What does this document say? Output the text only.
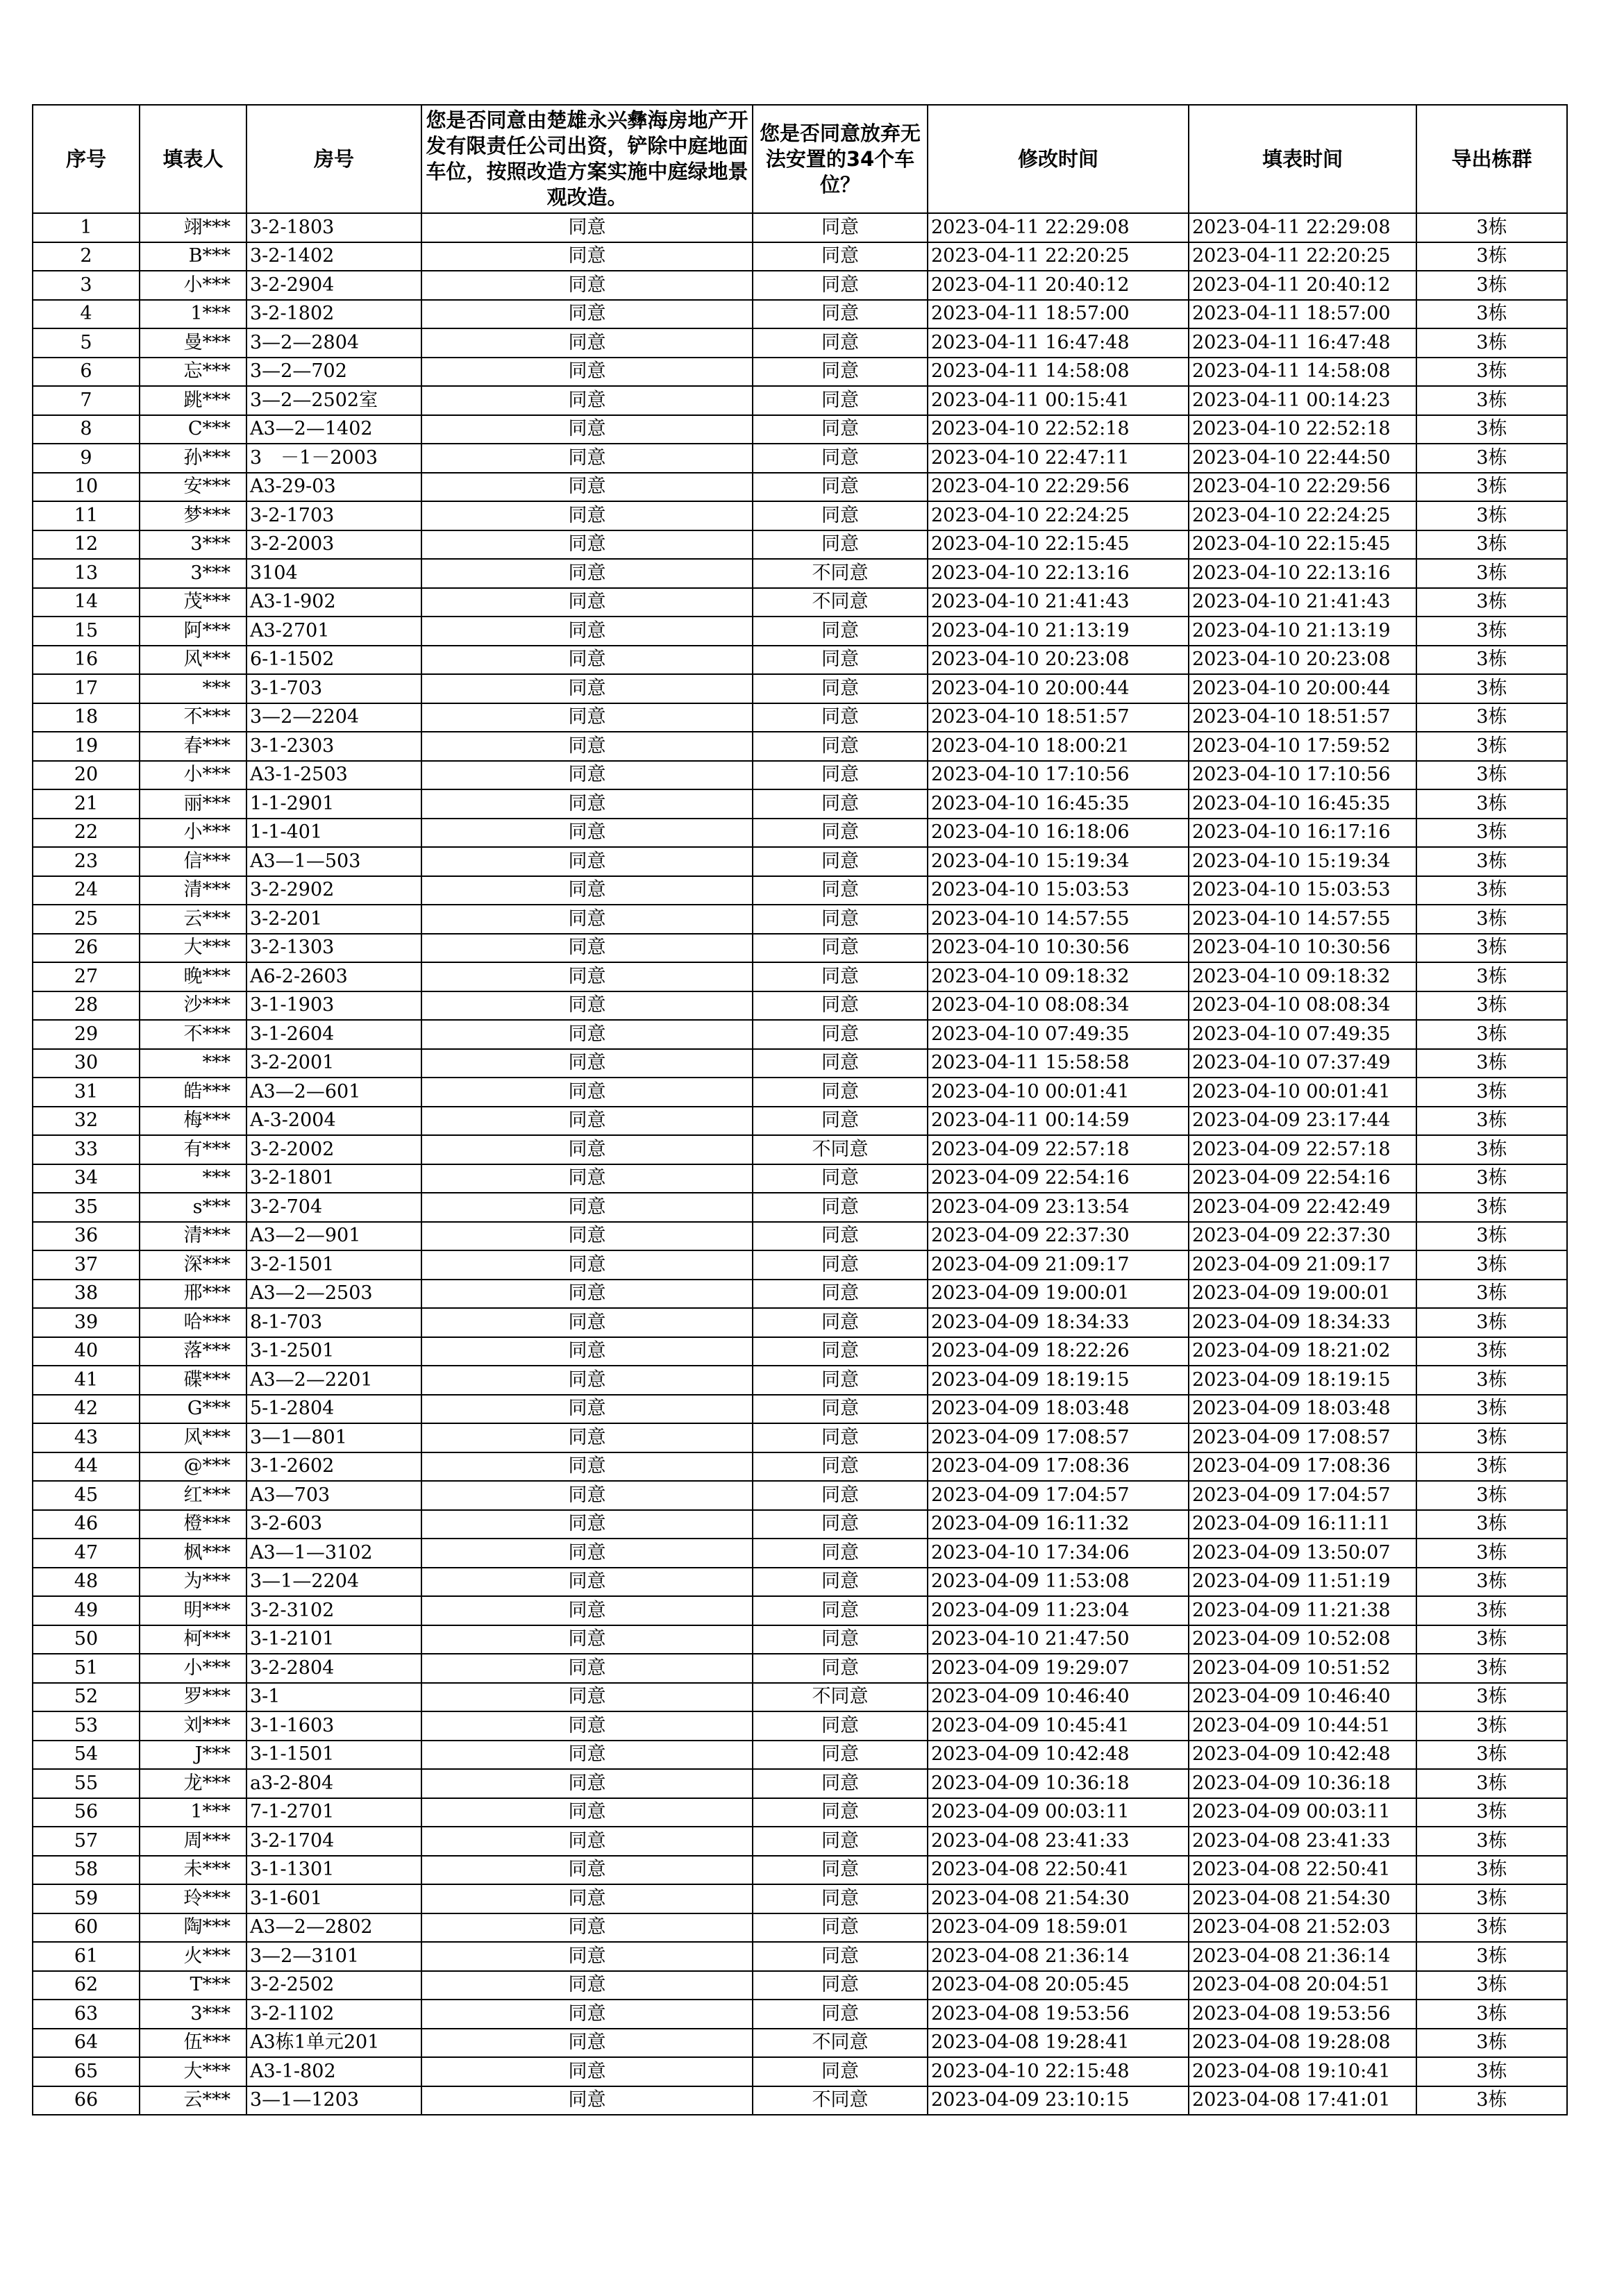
序号	填表人	房号	您是否同意由楚雄永兴彝海房地产开发有限责任公司出资，铲除中庭地面车位，按照改造方案实施中庭绿地景观改造。	您是否同意放弃无法安置的34个车位？	修改时间	填表时间	导出栋群
1	翊***	3-2-1803	同意	同意	2023-04-11 22:29:08	2023-04-11 22:29:08	3栋
2	B***	3-2-1402	同意	同意	2023-04-11 22:20:25	2023-04-11 22:20:25	3栋
3	小***	3-2-2904	同意	同意	2023-04-11 20:40:12	2023-04-11 20:40:12	3栋
4	1***	3-2-1802	同意	同意	2023-04-11 18:57:00	2023-04-11 18:57:00	3栋
5	曼***	3—2—2804	同意	同意	2023-04-11 16:47:48	2023-04-11 16:47:48	3栋
6	忘***	3—2—702	同意	同意	2023-04-11 14:58:08	2023-04-11 14:58:08	3栋
7	跳***	3—2—2502室	同意	同意	2023-04-11 00:15:41	2023-04-11 00:14:23	3栋
8	C***	A3—2—1402	同意	同意	2023-04-10 22:52:18	2023-04-10 22:52:18	3栋
9	孙***	3　－1－2003	同意	同意	2023-04-10 22:47:11	2023-04-10 22:44:50	3栋
10	安***	A3-29-03	同意	同意	2023-04-10 22:29:56	2023-04-10 22:29:56	3栋
11	梦***	3-2-1703	同意	同意	2023-04-10 22:24:25	2023-04-10 22:24:25	3栋
12	3***	3-2-2003	同意	同意	2023-04-10 22:15:45	2023-04-10 22:15:45	3栋
13	3***	3104	同意	不同意	2023-04-10 22:13:16	2023-04-10 22:13:16	3栋
14	茂***	A3-1-902	同意	不同意	2023-04-10 21:41:43	2023-04-10 21:41:43	3栋
15	阿***	A3-2701	同意	同意	2023-04-10 21:13:19	2023-04-10 21:13:19	3栋
16	风***	6-1-1502	同意	同意	2023-04-10 20:23:08	2023-04-10 20:23:08	3栋
17	***	3-1-703	同意	同意	2023-04-10 20:00:44	2023-04-10 20:00:44	3栋
18	不***	3—2—2204	同意	同意	2023-04-10 18:51:57	2023-04-10 18:51:57	3栋
19	春***	3-1-2303	同意	同意	2023-04-10 18:00:21	2023-04-10 17:59:52	3栋
20	小***	A3-1-2503	同意	同意	2023-04-10 17:10:56	2023-04-10 17:10:56	3栋
21	丽***	1-1-2901	同意	同意	2023-04-10 16:45:35	2023-04-10 16:45:35	3栋
22	小***	1-1-401	同意	同意	2023-04-10 16:18:06	2023-04-10 16:17:16	3栋
23	信***	A3—1—503	同意	同意	2023-04-10 15:19:34	2023-04-10 15:19:34	3栋
24	清***	3-2-2902	同意	同意	2023-04-10 15:03:53	2023-04-10 15:03:53	3栋
25	云***	3-2-201	同意	同意	2023-04-10 14:57:55	2023-04-10 14:57:55	3栋
26	大***	3-2-1303	同意	同意	2023-04-10 10:30:56	2023-04-10 10:30:56	3栋
27	晚***	A6-2-2603	同意	同意	2023-04-10 09:18:32	2023-04-10 09:18:32	3栋
28	沙***	3-1-1903	同意	同意	2023-04-10 08:08:34	2023-04-10 08:08:34	3栋
29	不***	3-1-2604	同意	同意	2023-04-10 07:49:35	2023-04-10 07:49:35	3栋
30	***	3-2-2001	同意	同意	2023-04-11 15:58:58	2023-04-10 07:37:49	3栋
31	皓***	A3—2—601	同意	同意	2023-04-10 00:01:41	2023-04-10 00:01:41	3栋
32	梅***	A-3-2004	同意	同意	2023-04-11 00:14:59	2023-04-09 23:17:44	3栋
33	有***	3-2-2002	同意	不同意	2023-04-09 22:57:18	2023-04-09 22:57:18	3栋
34	***	3-2-1801	同意	同意	2023-04-09 22:54:16	2023-04-09 22:54:16	3栋
35	s***	3-2-704	同意	同意	2023-04-09 23:13:54	2023-04-09 22:42:49	3栋
36	清***	A3—2—901	同意	同意	2023-04-09 22:37:30	2023-04-09 22:37:30	3栋
37	深***	3-2-1501	同意	同意	2023-04-09 21:09:17	2023-04-09 21:09:17	3栋
38	邢***	A3—2—2503	同意	同意	2023-04-09 19:00:01	2023-04-09 19:00:01	3栋
39	哈***	8-1-703	同意	同意	2023-04-09 18:34:33	2023-04-09 18:34:33	3栋
40	落***	3-1-2501	同意	同意	2023-04-09 18:22:26	2023-04-09 18:21:02	3栋
41	碟***	A3—2—2201	同意	同意	2023-04-09 18:19:15	2023-04-09 18:19:15	3栋
42	G***	5-1-2804	同意	同意	2023-04-09 18:03:48	2023-04-09 18:03:48	3栋
43	风***	3—1—801	同意	同意	2023-04-09 17:08:57	2023-04-09 17:08:57	3栋
44	@***	3-1-2602	同意	同意	2023-04-09 17:08:36	2023-04-09 17:08:36	3栋
45	红***	A3—703	同意	同意	2023-04-09 17:04:57	2023-04-09 17:04:57	3栋
46	橙***	3-2-603	同意	同意	2023-04-09 16:11:32	2023-04-09 16:11:11	3栋
47	枫***	A3—1—3102	同意	同意	2023-04-10 17:34:06	2023-04-09 13:50:07	3栋
48	为***	3—1—2204	同意	同意	2023-04-09 11:53:08	2023-04-09 11:51:19	3栋
49	明***	3-2-3102	同意	同意	2023-04-09 11:23:04	2023-04-09 11:21:38	3栋
50	柯***	3-1-2101	同意	同意	2023-04-10 21:47:50	2023-04-09 10:52:08	3栋
51	小***	3-2-2804	同意	同意	2023-04-09 19:29:07	2023-04-09 10:51:52	3栋
52	罗***	3-1	同意	不同意	2023-04-09 10:46:40	2023-04-09 10:46:40	3栋
53	刘***	3-1-1603	同意	同意	2023-04-09 10:45:41	2023-04-09 10:44:51	3栋
54	J***	3-1-1501	同意	同意	2023-04-09 10:42:48	2023-04-09 10:42:48	3栋
55	龙***	a3-2-804	同意	同意	2023-04-09 10:36:18	2023-04-09 10:36:18	3栋
56	1***	7-1-2701	同意	同意	2023-04-09 00:03:11	2023-04-09 00:03:11	3栋
57	周***	3-2-1704	同意	同意	2023-04-08 23:41:33	2023-04-08 23:41:33	3栋
58	未***	3-1-1301	同意	同意	2023-04-08 22:50:41	2023-04-08 22:50:41	3栋
59	玲***	3-1-601	同意	同意	2023-04-08 21:54:30	2023-04-08 21:54:30	3栋
60	陶***	A3—2—2802	同意	同意	2023-04-09 18:59:01	2023-04-08 21:52:03	3栋
61	火***	3—2—3101	同意	同意	2023-04-08 21:36:14	2023-04-08 21:36:14	3栋
62	T***	3-2-2502	同意	同意	2023-04-08 20:05:45	2023-04-08 20:04:51	3栋
63	3***	3-2-1102	同意	同意	2023-04-08 19:53:56	2023-04-08 19:53:56	3栋
64	伍***	A3栋1单元201	同意	不同意	2023-04-08 19:28:41	2023-04-08 19:28:08	3栋
65	大***	A3-1-802	同意	同意	2023-04-10 22:15:48	2023-04-08 19:10:41	3栋
66	云***	3—1—1203	同意	不同意	2023-04-09 23:10:15	2023-04-08 17:41:01	3栋
